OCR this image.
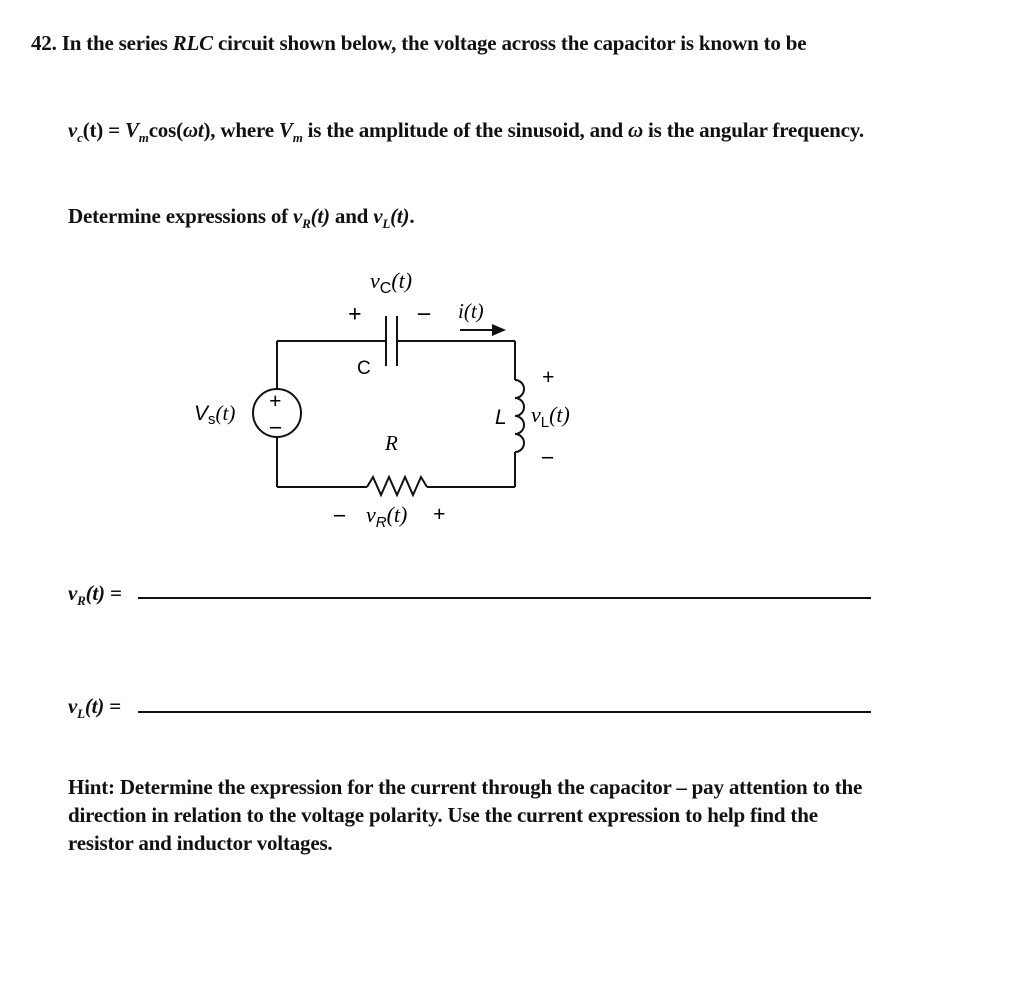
42. In the series RLC circuit shown below, the voltage across the capacitor is known to be
$v_c(t) = V_m\cos(\omega t)$, where $V_m$ is the amplitude of the sinusoid, and ω is the angular frequency.
Determine expressions of $v_R(t)$ and $v_L(t)$.
$v_C(t)$
+ –
C
i(t)
Vs(t) +
–
R
– $v_R(t)$ +
L
+
$v_L(t)$
–
$v_R(t)$ =
$v_L(t)$ =
Hint: Determine the expression for the current through the capacitor – pay attention to the
direction in relation to the voltage polarity. Use the current expression to help find the
resistor and inductor voltages.
